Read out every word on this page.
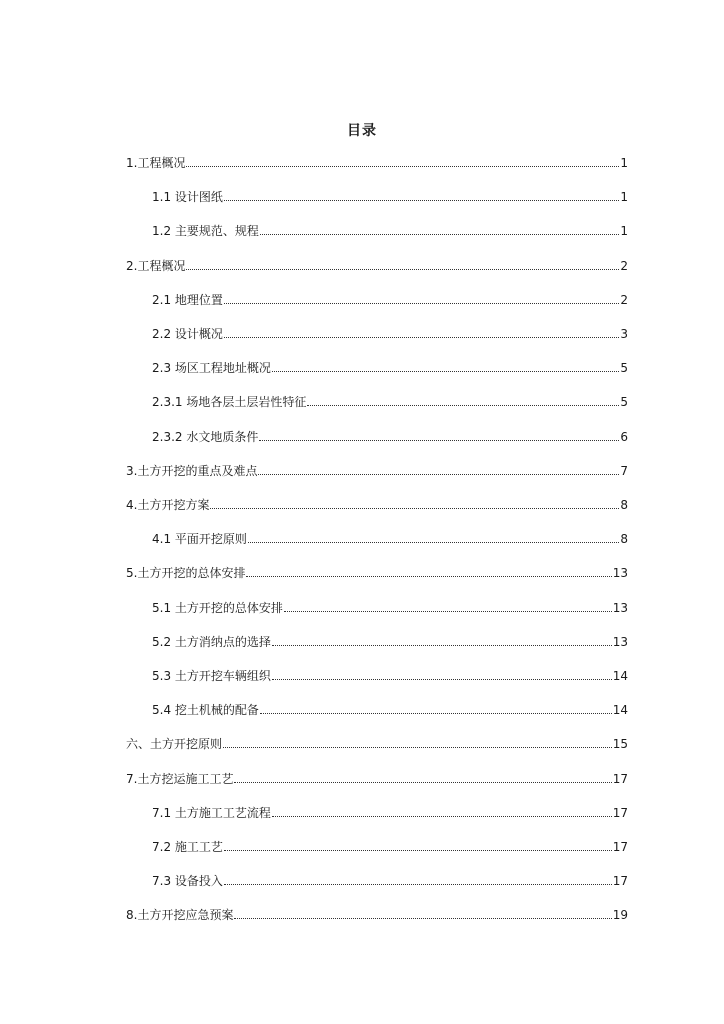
目录
1.工程概况	1
1.1 设计图纸	1
1.2 主要规范、规程	1
2.工程概况	2
2.1 地理位置	2
2.2 设计概况	3
2.3 场区工程地址概况	5
2.3.1 场地各层土层岩性特征	5
2.3.2 水文地质条件	6
3.土方开挖的重点及难点	7
4.土方开挖方案	8
4.1 平面开挖原则	8
5.土方开挖的总体安排	13
5.1 土方开挖的总体安排	13
5.2 土方消纳点的选择	13
5.3 土方开挖车辆组织	14
5.4 挖土机械的配备	14
六、土方开挖原则	15
7.土方挖运施工工艺	17
7.1 土方施工工艺流程	17
7.2 施工工艺	17
7.3 设备投入	17
8.土方开挖应急预案	19
